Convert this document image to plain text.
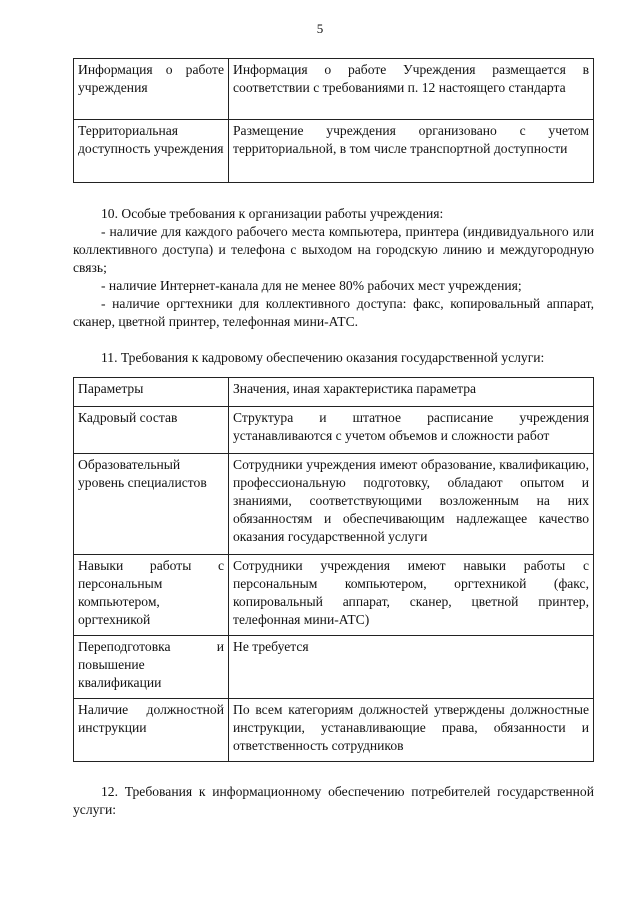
5
Информация о работе учреждения	Информация о работе Учреждения размещается в соответствии с требованиями п. 12 настоящего стандарта
Территориальная доступность учреждения	Размещение учреждения организовано с учетом территориальной, в том числе транспортной доступности

10. Особые требования к организации работы учреждения:

- наличие для каждого рабочего места компьютера, принтера (индивидуального или коллективного доступа) и телефона с выходом на городскую линию и междугородную связь;

- наличие Интернет-канала для не менее 80% рабочих мест учреждения;

- наличие оргтехники для коллективного доступа: факс, копировальный аппарат, сканер, цветной принтер, телефонная мини-АТС.

11. Требования к кадровому обеспечению оказания государственной услуги:

Параметры	Значения, иная характеристика параметра
Кадровый состав	Структура и штатное расписание учреждения устанавливаются с учетом объемов и сложности работ
Образовательный уровень специалистов	Сотрудники учреждения имеют образование, квалификацию, профессиональную подготовку, обладают опытом и знаниями, соответствующими возложенным на них обязанностям и обеспечивающим надлежащее качество оказания государственной услуги
Навыки работы с персональным компьютером, оргтехникой	Сотрудники учреждения имеют навыки работы с персональным компьютером, оргтехникой (факс, копировальный аппарат, сканер, цветной принтер, телефонная мини-АТС)
Переподготовка и повышение квалификации	Не требуется
Наличие должностной инструкции	По всем категориям должностей утверждены должностные инструкции, устанавливающие права, обязанности и ответственность сотрудников

12. Требования к информационному обеспечению потребителей государственной услуги:
